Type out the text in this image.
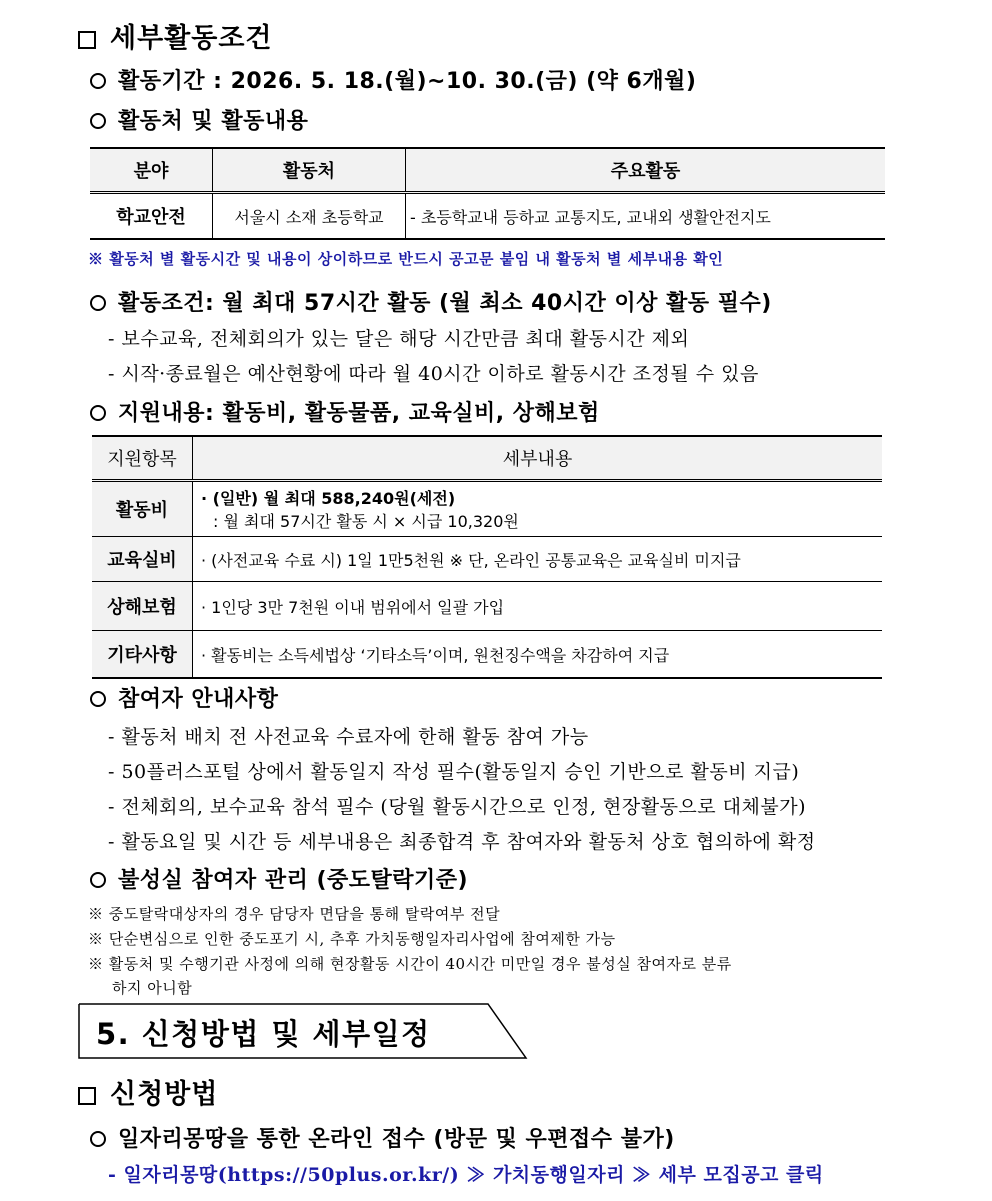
세부활동조건
활동기간 : 2026. 5. 18.(월)~10. 30.(금) (약 6개월)
활동처 및 활동내용
분야	활동처	주요활동
학교안전	서울시 소재 초등학교	- 초등학교내 등하교 교통지도, 교내외 생활안전지도
※ 활동처 별 활동시간 및 내용이 상이하므로 반드시 공고문 붙임 내 활동처 별 세부내용 확인
활동조건: 월 최대 57시간 활동 (월 최소 40시간 이상 활동 필수)
- 보수교육, 전체회의가 있는 달은 해당 시간만큼 최대 활동시간 제외
- 시작·종료월은 예산현황에 따라 월 40시간 이하로 활동시간 조정될 수 있음
지원내용: 활동비, 활동물품, 교육실비, 상해보험
지원항목	세부내용
활동비	· (일반) 월 최대 588,240원(세전)
: 월 최대 57시간 활동 시 × 시급 10,320원

교육실비	· (사전교육 수료 시) 1일 1만5천원 ※ 단, 온라인 공통교육은 교육실비 미지급
상해보험	· 1인당 3만 7천원 이내 범위에서 일괄 가입
기타사항	· 활동비는 소득세법상 ‘기타소득’이며, 원천징수액을 차감하여 지급
참여자 안내사항
- 활동처 배치 전 사전교육 수료자에 한해 활동 참여 가능
- 50플러스포털 상에서 활동일지 작성 필수(활동일지 승인 기반으로 활동비 지급)
- 전체회의, 보수교육 참석 필수 (당월 활동시간으로 인정, 현장활동으로 대체불가)
- 활동요일 및 시간 등 세부내용은 최종합격 후 참여자와 활동처 상호 협의하에 확정
불성실 참여자 관리 (중도탈락기준)
※ 중도탈락대상자의 경우 담당자 면담을 통해 탈락여부 전달
※ 단순변심으로 인한 중도포기 시, 추후 가치동행일자리사업에 참여제한 가능
※ 활동처 및 수행기관 사정에 의해 현장활동 시간이 40시간 미만일 경우 불성실 참여자로 분류
하지 아니함
5. 신청방법 및 세부일정
신청방법
일자리몽땅을 통한 온라인 접수 (방문 및 우편접수 불가)
- 일자리몽땅(https://50plus.or.kr/) ≫ 가치동행일자리 ≫ 세부 모집공고 클릭
